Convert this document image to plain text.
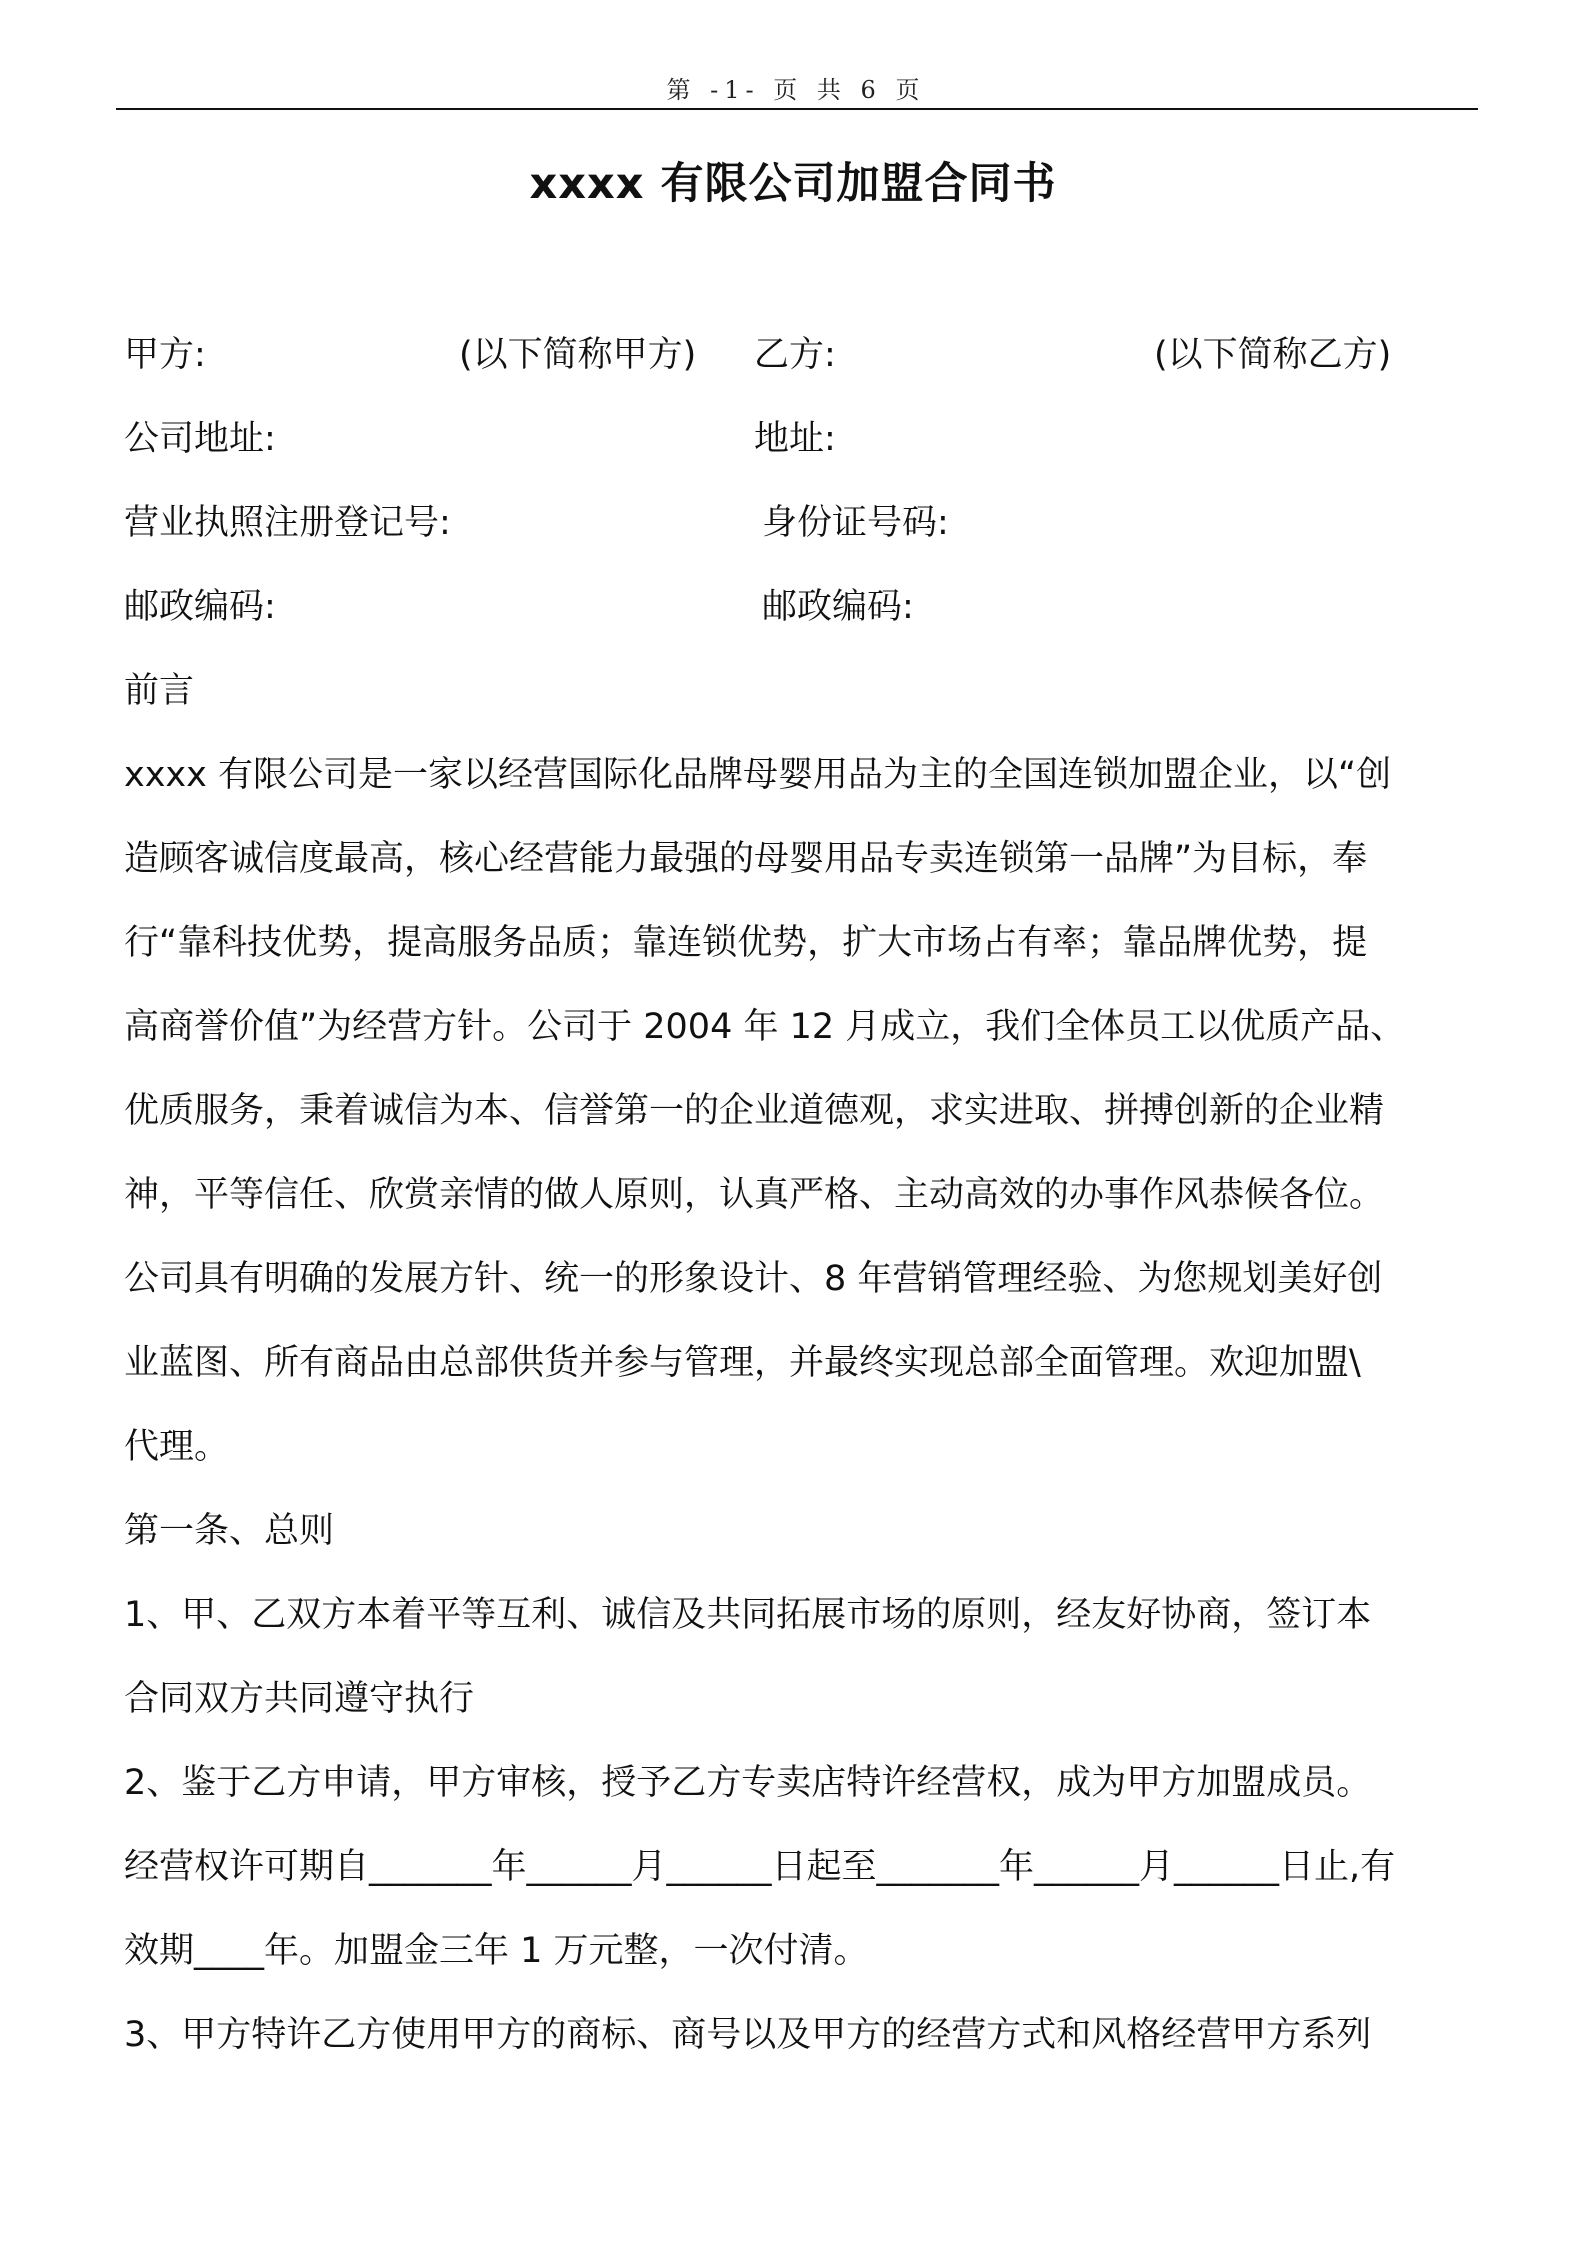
第 -1- 页 共 6 页
xxxx 有限公司加盟合同书
甲方:	(以下简称甲方) 乙方:	(以下简称乙方)
公司地址:	地址:
营业执照注册登记号:	身份证号码:
邮政编码:	邮政编码:
前言
xxxx 有限公司是一家以经营国际化品牌母婴用品为主的全国连锁加盟企业，以“创
造顾客诚信度最高，核心经营能力最强的母婴用品专卖连锁第一品牌”为目标，奉
行“靠科技优势，提高服务品质；靠连锁优势，扩大市场占有率；靠品牌优势，提
高商誉价值”为经营方针。公司于 2004 年 12 月成立，我们全体员工以优质产品、
优质服务，秉着诚信为本、信誉第一的企业道德观，求实进取、拼搏创新的企业精
神，平等信任、欣赏亲情的做人原则，认真严格、主动高效的办事作风恭候各位。
公司具有明确的发展方针、统一的形象设计、8 年营销管理经验、为您规划美好创
业蓝图、所有商品由总部供货并参与管理，并最终实现总部全面管理。欢迎加盟\
代理。
第一条、总则
1、甲、乙双方本着平等互利、诚信及共同拓展市场的原则，经友好协商，签订本
合同双方共同遵守执行
2、鉴于乙方申请，甲方审核，授予乙方专卖店特许经营权，成为甲方加盟成员。
经营权许可期自_______年______月______日起至_______年______月______日止,有
效期____年。加盟金三年 1 万元整，一次付清。
3、甲方特许乙方使用甲方的商标、商号以及甲方的经营方式和风格经营甲方系列
